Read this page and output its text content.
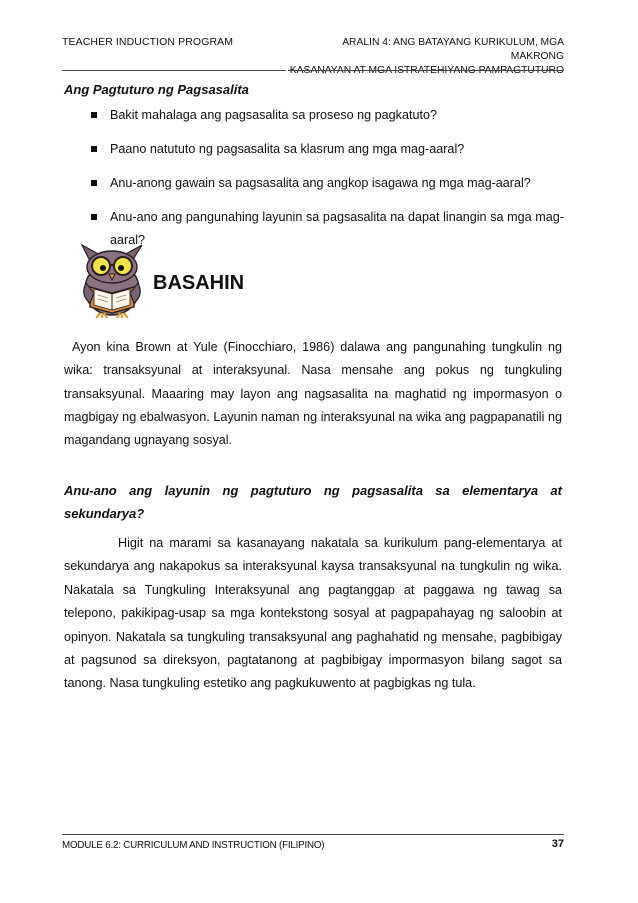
TEACHER INDUCTION PROGRAM	ARALIN 4: ANG BATAYANG KURIKULUM, MGA MAKRONG
Ang Pagtuturo ng Pagsasalita
Bakit mahalaga ang pagsasalita sa proseso ng pagkatuto?
Paano natututo ng pagsasalita sa klasrum ang mga mag-aaral?
Anu-anong gawain sa pagsasalita ang angkop isagawa ng mga mag-aaral?
Anu-ano ang pangunahing layunin sa pagsasalita na dapat linangin sa mga mag-aaral?
BASAHIN

Ayon kina Brown at Yule (Finocchiaro, 1986) dalawa ang pangunahing tungkulin ng wika: transaksyunal at interaksyunal. Nasa mensahe ang pokus ng tungkuling transaksyunal. Maaaring may layon ang nagsasalita na maghatid ng impormasyon o magbigay ng ebalwasyon. Layunin naman ng interaksyunal na wika ang pagpapanatili ng magandang ugnayang sosyal.

Anu-ano ang layunin ng pagtuturo ng pagsasalita sa elementarya at sekundarya?

Higit na marami sa kasanayang nakatala sa kurikulum pang-elementarya at sekundarya ang nakapokus sa interaksyunal kaysa transaksyunal na tungkulin ng wika. Nakatala sa Tungkuling Interaksyunal ang pagtanggap at paggawa ng tawag sa telepono, pakikipag-usap sa mga kontekstong sosyal at pagpapahayag ng saloobin at opinyon. Nakatala sa tungkuling transaksyunal ang paghahatid ng mensahe, pagbibigay at pagsunod sa direksyon, pagtatanong at pagbibigay impormasyon bilang sagot sa tanong. Nasa tungkuling estetiko ang pagkukuwento at pagbigkas ng tula.

MODULE 6.2: CURRICULUM AND INSTRUCTION (FILIPINO)	37
